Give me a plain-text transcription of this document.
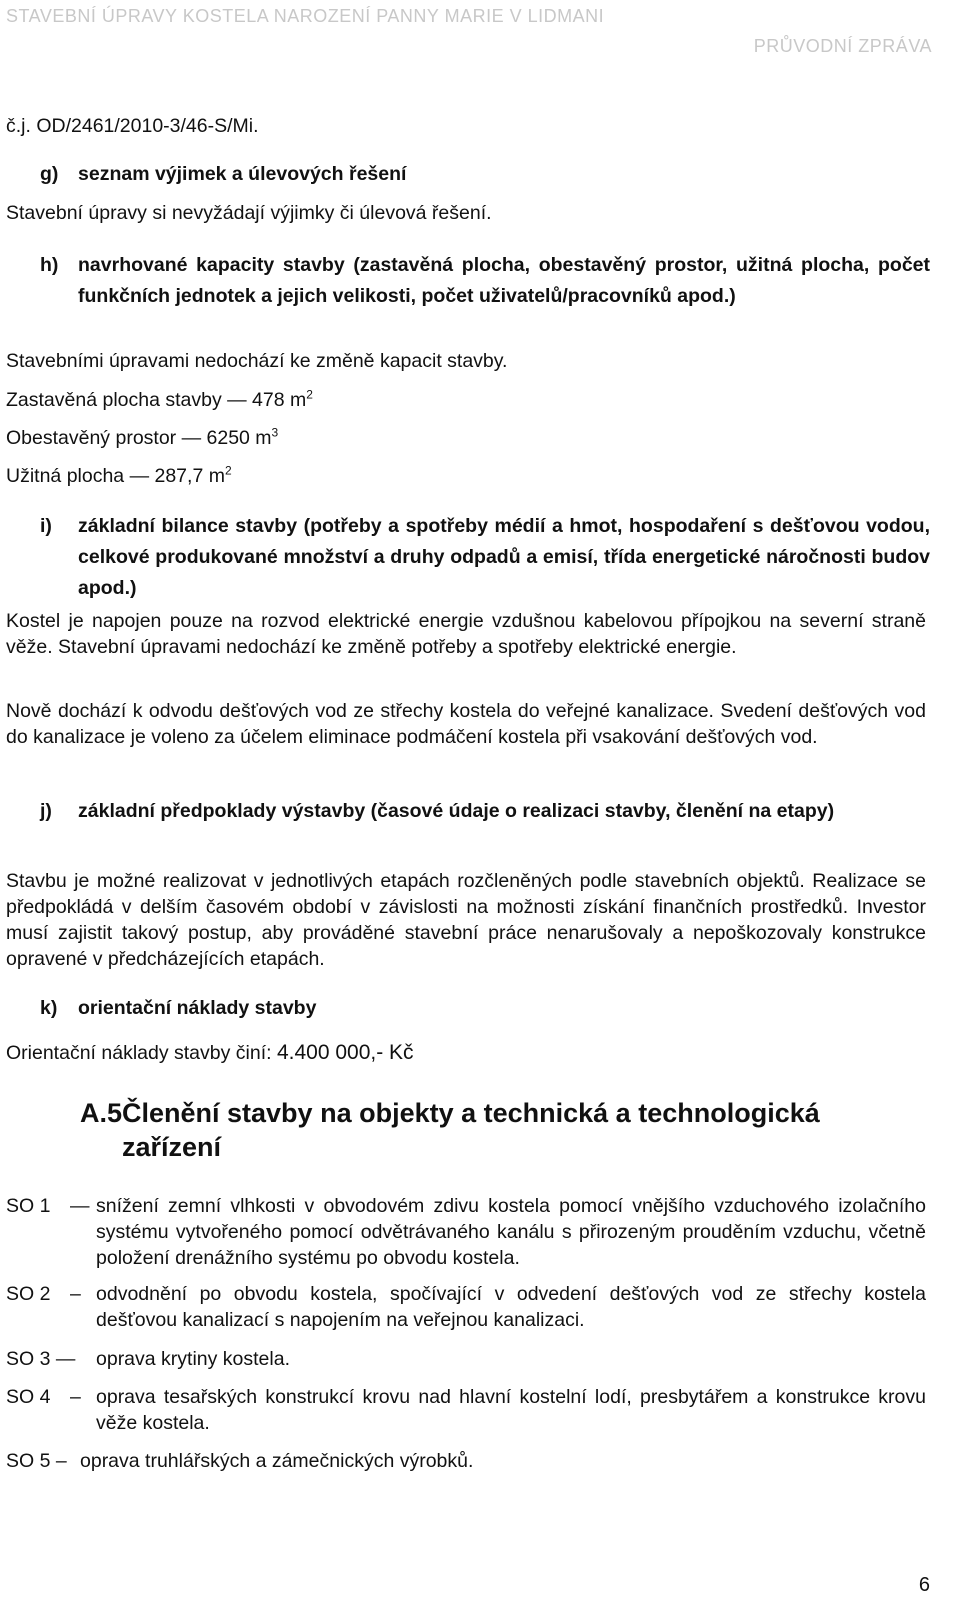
STAVEBNÍ ÚPRAVY KOSTELA NAROZENÍ PANNY MARIE V LIDMANI
PRŮVODNÍ ZPRÁVA
č.j. OD/2461/2010-3/46-S/Mi.
g)	seznam výjimek a úlevových řešení
Stavební úpravy si nevyžádají výjimky či úlevová řešení.
h)	navrhované kapacity stavby (zastavěná plocha, obestavěný prostor, užitná plocha, počet funkčních jednotek a jejich velikosti, počet uživatelů/pracovníků apod.)
Stavebními úpravami nedochází ke změně kapacit stavby.
Zastavěná plocha stavby — 478 $m^2$
Obestavěný prostor — 6250 $m^3$
Užitná plocha — 287,7 $m^2$
i)	základní bilance stavby (potřeby a spotřeby médií a hmot, hospodaření s dešťovou vodou, celkové produkované množství a druhy odpadů a emisí, třída energetické náročnosti budov apod.)
Kostel je napojen pouze na rozvod elektrické energie vzdušnou kabelovou přípojkou na severní straně věže. Stavební úpravami nedochází ke změně potřeby a spotřeby elektrické energie.
Nově dochází k odvodu dešťových vod ze střechy kostela do veřejné kanalizace. Svedení dešťových vod do kanalizace je voleno za účelem eliminace podmáčení kostela při vsakování dešťových vod.
j)	základní předpoklady výstavby (časové údaje o realizaci stavby, členění na etapy)
Stavbu je možné realizovat v jednotlivých etapách rozčleněných podle stavebních objektů. Realizace se předpokládá v delším časovém období v závislosti na možnosti získání finančních prostředků. Investor musí zajistit takový postup, aby prováděné stavební práce nenarušovaly a nepoškozovaly konstrukce opravené v předcházejících etapách.
k)	orientační náklady stavby
Orientační náklady stavby činí: 4.400 000,- Kč
A.5 Členění stavby na objekty a technická a technologická zařízení
SO 1 — snížení zemní vlhkosti v obvodovém zdivu kostela pomocí vnějšího vzduchového izolačního systému vytvořeného pomocí odvětrávaného kanálu s přirozeným prouděním vzduchu, včetně položení drenážního systému po obvodu kostela.
SO 2 – odvodnění po obvodu kostela, spočívající v odvedení dešťových vod ze střechy kostela dešťovou kanalizací s napojením na veřejnou kanalizaci.
SO 3 —	oprava krytiny kostela.
SO 4 – oprava tesařských konstrukcí krovu nad hlavní kostelní lodí, presbytářem a konstrukce krovu věže kostela.
SO 5 – oprava truhlářských a zámečnických výrobků.
6
